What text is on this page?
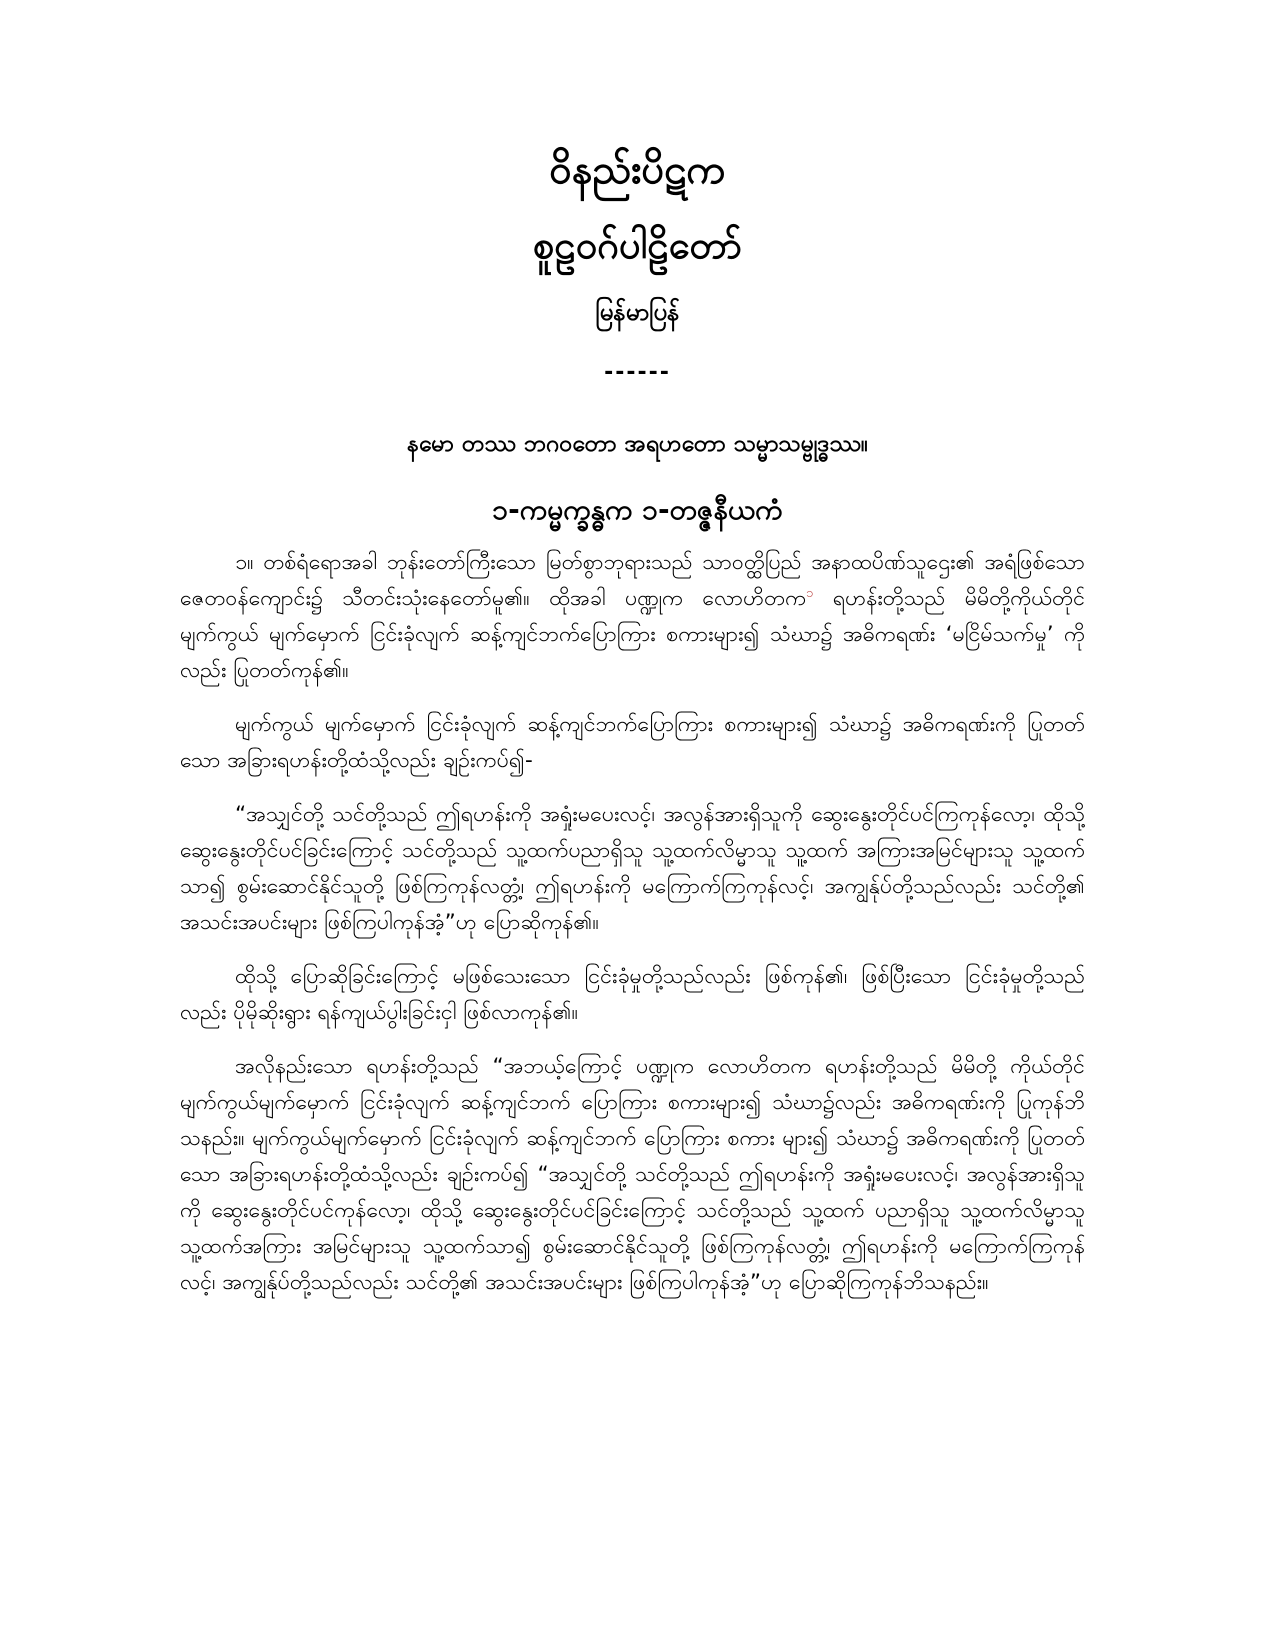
ဝိနည်းပိဋက
စူဠဝဂ်ပါဠိတော်
မြန်မာပြန်
------
နမော တဿ ဘဂဝတော အရဟတော သမ္မာသမ္ဗုဒ္ဓဿ။
၁-ကမ္မက္ခန္ဓက ၁-တဇ္ဇနီယကံ

၁။ တစ်ရံရောအခါ ဘုန်းတော်ကြီးသော မြတ်စွာဘုရားသည် သာဝတ္ထိပြည် အနာထပိဏ်သူဌေး၏ အရံဖြစ်သော ဇေတဝန်ကျောင်း၌ သီတင်းသုံးနေတော်မူ၏။ ထိုအခါ ပဏ္ဍုက လောဟိတက$^၁$ ရဟန်းတို့သည် မိမိတို့ကိုယ်တိုင် မျက်ကွယ် မျက်မှောက် ငြင်းခုံလျက် ဆန့်ကျင်ဘက်ပြောကြား စကားများ၍ သံဃာ၌ အဓိကရဏ်း ‘မငြိမ်သက်မှု’ ကိုလည်း ပြုတတ်ကုန်၏။

မျက်ကွယ် မျက်မှောက် ငြင်းခုံလျက် ဆန့်ကျင်ဘက်ပြောကြား စကားများ၍ သံဃာ၌ အဓိကရဏ်းကို ပြုတတ်သော အခြားရဟန်းတို့ထံသို့လည်း ချဉ်းကပ်၍-

“အသျှင်တို့ သင်တို့သည် ဤရဟန်းကို အရှုံးမပေးလင့်၊ အလွန်အားရှိသူကို ဆွေးနွေးတိုင်ပင်ကြကုန်လော့၊ ထိုသို့ ဆွေးနွေးတိုင်ပင်ခြင်းကြောင့် သင်တို့သည် သူ့ထက်ပညာရှိသူ သူ့ထက်လိမ္မာသူ သူ့ထက် အကြားအမြင်များသူ သူ့ထက်သာ၍ စွမ်းဆောင်နိုင်သူတို့ ဖြစ်ကြကုန်လတ္တံ့၊ ဤရဟန်းကို မကြောက်ကြကုန်လင့်၊ အကျွန်ုပ်တို့သည်လည်း သင်တို့၏ အသင်းအပင်းများ ဖြစ်ကြပါကုန်အံ့”ဟု ပြောဆိုကုန်၏။

ထိုသို့ ပြောဆိုခြင်းကြောင့် မဖြစ်သေးသော ငြင်းခုံမှုတို့သည်လည်း ဖြစ်ကုန်၏၊ ဖြစ်ပြီးသော ငြင်းခုံမှုတို့သည်လည်း ပိုမိုဆိုးရွား ရန်ကျယ်ပွါးခြင်းငှါ ဖြစ်လာကုန်၏။

အလိုနည်းသော ရဟန်းတို့သည် “အဘယ့်ကြောင့် ပဏ္ဍုက လောဟိတက ရဟန်းတို့သည် မိမိတို့ ကိုယ်တိုင် မျက်ကွယ်မျက်မှောက် ငြင်းခုံလျက် ဆန့်ကျင်ဘက် ပြောကြား စကားများ၍ သံဃာ၌လည်း အဓိကရဏ်းကို ပြုကုန်ဘိသနည်း။ မျက်ကွယ်မျက်မှောက် ငြင်းခုံလျက် ဆန့်ကျင်ဘက် ပြောကြား စကား များ၍ သံဃာ၌ အဓိကရဏ်းကို ပြုတတ်သော အခြားရဟန်းတို့ထံသို့လည်း ချဉ်းကပ်၍ “အသျှင်တို့ သင်တို့သည် ဤရဟန်းကို အရှုံးမပေးလင့်၊ အလွန်အားရှိသူကို ဆွေးနွေးတိုင်ပင်ကုန်လော့၊ ထိုသို့ ဆွေးနွေးတိုင်ပင်ခြင်းကြောင့် သင်တို့သည် သူ့ထက် ပညာရှိသူ သူ့ထက်လိမ္မာသူ သူ့ထက်အကြား အမြင်များသူ သူ့ထက်သာ၍ စွမ်းဆောင်နိုင်သူတို့ ဖြစ်ကြကုန်လတ္တံ့၊ ဤရဟန်းကို မကြောက်ကြကုန်လင့်၊ အကျွန်ုပ်တို့သည်လည်း သင်တို့၏ အသင်းအပင်းများ ဖြစ်ကြပါကုန်အံ့”ဟု ပြောဆိုကြကုန်ဘိသနည်း။
